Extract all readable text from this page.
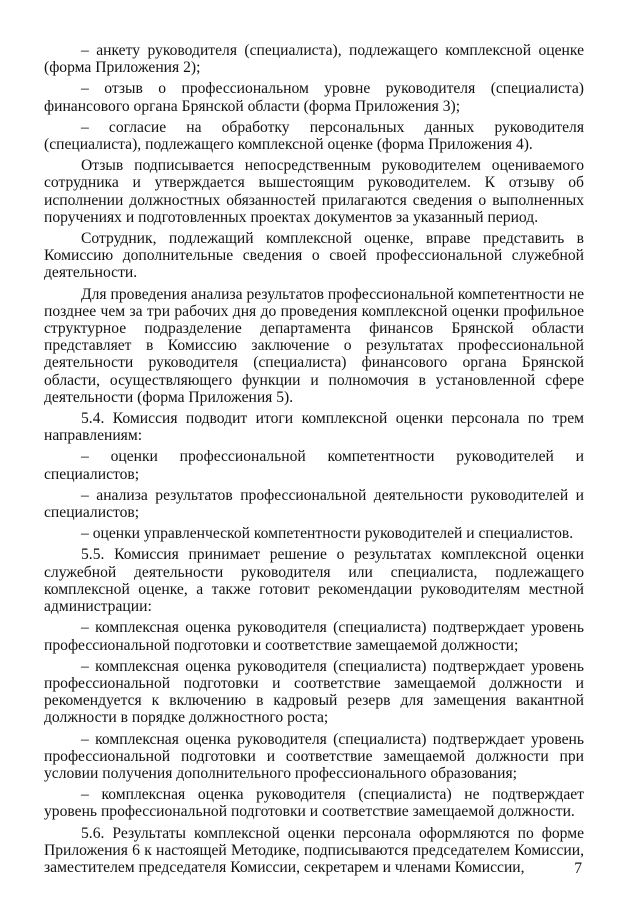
– анкету руководителя (специалиста), подлежащего комплексной оценке (форма Приложения 2);

– отзыв о профессиональном уровне руководителя (специалиста) финансового органа Брянской области (форма Приложения 3);

– согласие на обработку персональных данных руководителя (специалиста), подлежащего комплексной оценке (форма Приложения 4).

Отзыв подписывается непосредственным руководителем оцениваемого сотрудника и утверждается вышестоящим руководителем. К отзыву об исполнении должностных обязанностей прилагаются сведения о выполненных поручениях и подготовленных проектах документов за указанный период.

Сотрудник, подлежащий комплексной оценке, вправе представить в Комиссию дополнительные сведения о своей профессиональной служебной деятельности.

Для проведения анализа результатов профессиональной компетентности не позднее чем за три рабочих дня до проведения комплексной оценки профильное структурное подразделение департамента финансов Брянской области представляет в Комиссию заключение о результатах профессиональной деятельности руководителя (специалиста) финансового органа Брянской области, осуществляющего функции и полномочия в установленной сфере деятельности (форма Приложения 5).

5.4. Комиссия подводит итоги комплексной оценки персонала по трем направлениям:

– оценки профессиональной компетентности руководителей и специалистов;

– анализа результатов профессиональной деятельности руководителей и специалистов;

– оценки управленческой компетентности руководителей и специалистов.

5.5. Комиссия принимает решение о результатах комплексной оценки служебной деятельности руководителя или специалиста, подлежащего комплексной оценке, а также готовит рекомендации руководителям местной администрации:

– комплексная оценка руководителя (специалиста) подтверждает уровень профессиональной подготовки и соответствие замещаемой должности;

– комплексная оценка руководителя (специалиста) подтверждает уровень профессиональной подготовки и соответствие замещаемой должности и рекомендуется к включению в кадровый резерв для замещения вакантной должности в порядке должностного роста;

– комплексная оценка руководителя (специалиста) подтверждает уровень профессиональной подготовки и соответствие замещаемой должности при условии получения дополнительного профессионального образования;

– комплексная оценка руководителя (специалиста) не подтверждает уровень профессиональной подготовки и соответствие замещаемой должности.

5.6. Результаты комплексной оценки персонала оформляются по форме Приложения 6 к настоящей Методике, подписываются председателем Комиссии, заместителем председателя Комиссии, секретарем и членами Комиссии,	7
